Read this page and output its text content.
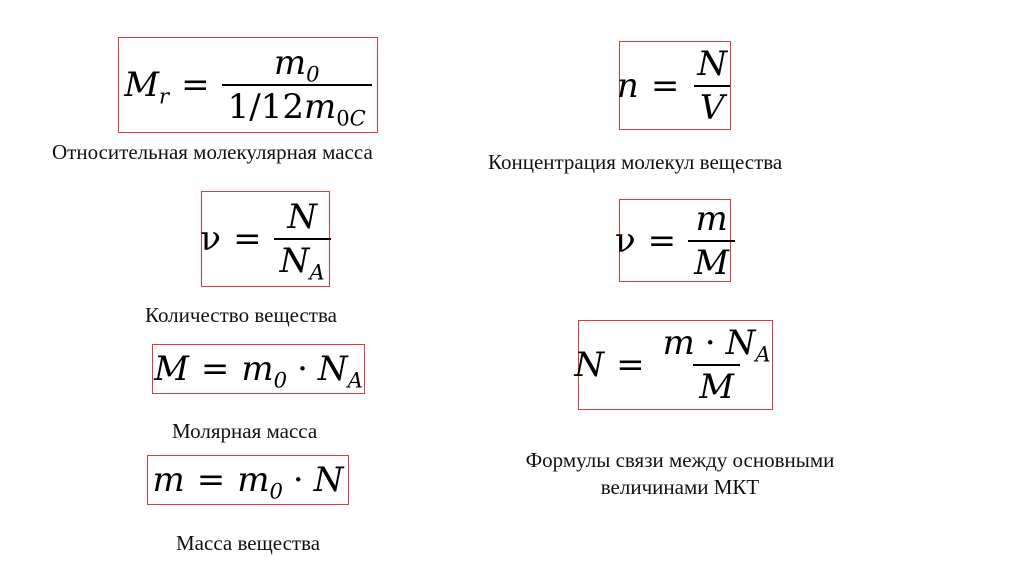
$M_r = \frac{m_0}{1/12m_{0C}}$
Относительная молекулярная масса
$n = \frac{N}{V}$
Концентрация молекул вещества
$\nu = \frac{N}{N_A}$
Количество вещества
$\nu = \frac{m}{M}$
$M = m_0 \cdot N_A$
Молярная масса
$N = \frac{m \cdot N_A}{M}$
Формулы связи между основными
величинами МКТ
$m = m_0 \cdot N$
Масса вещества
